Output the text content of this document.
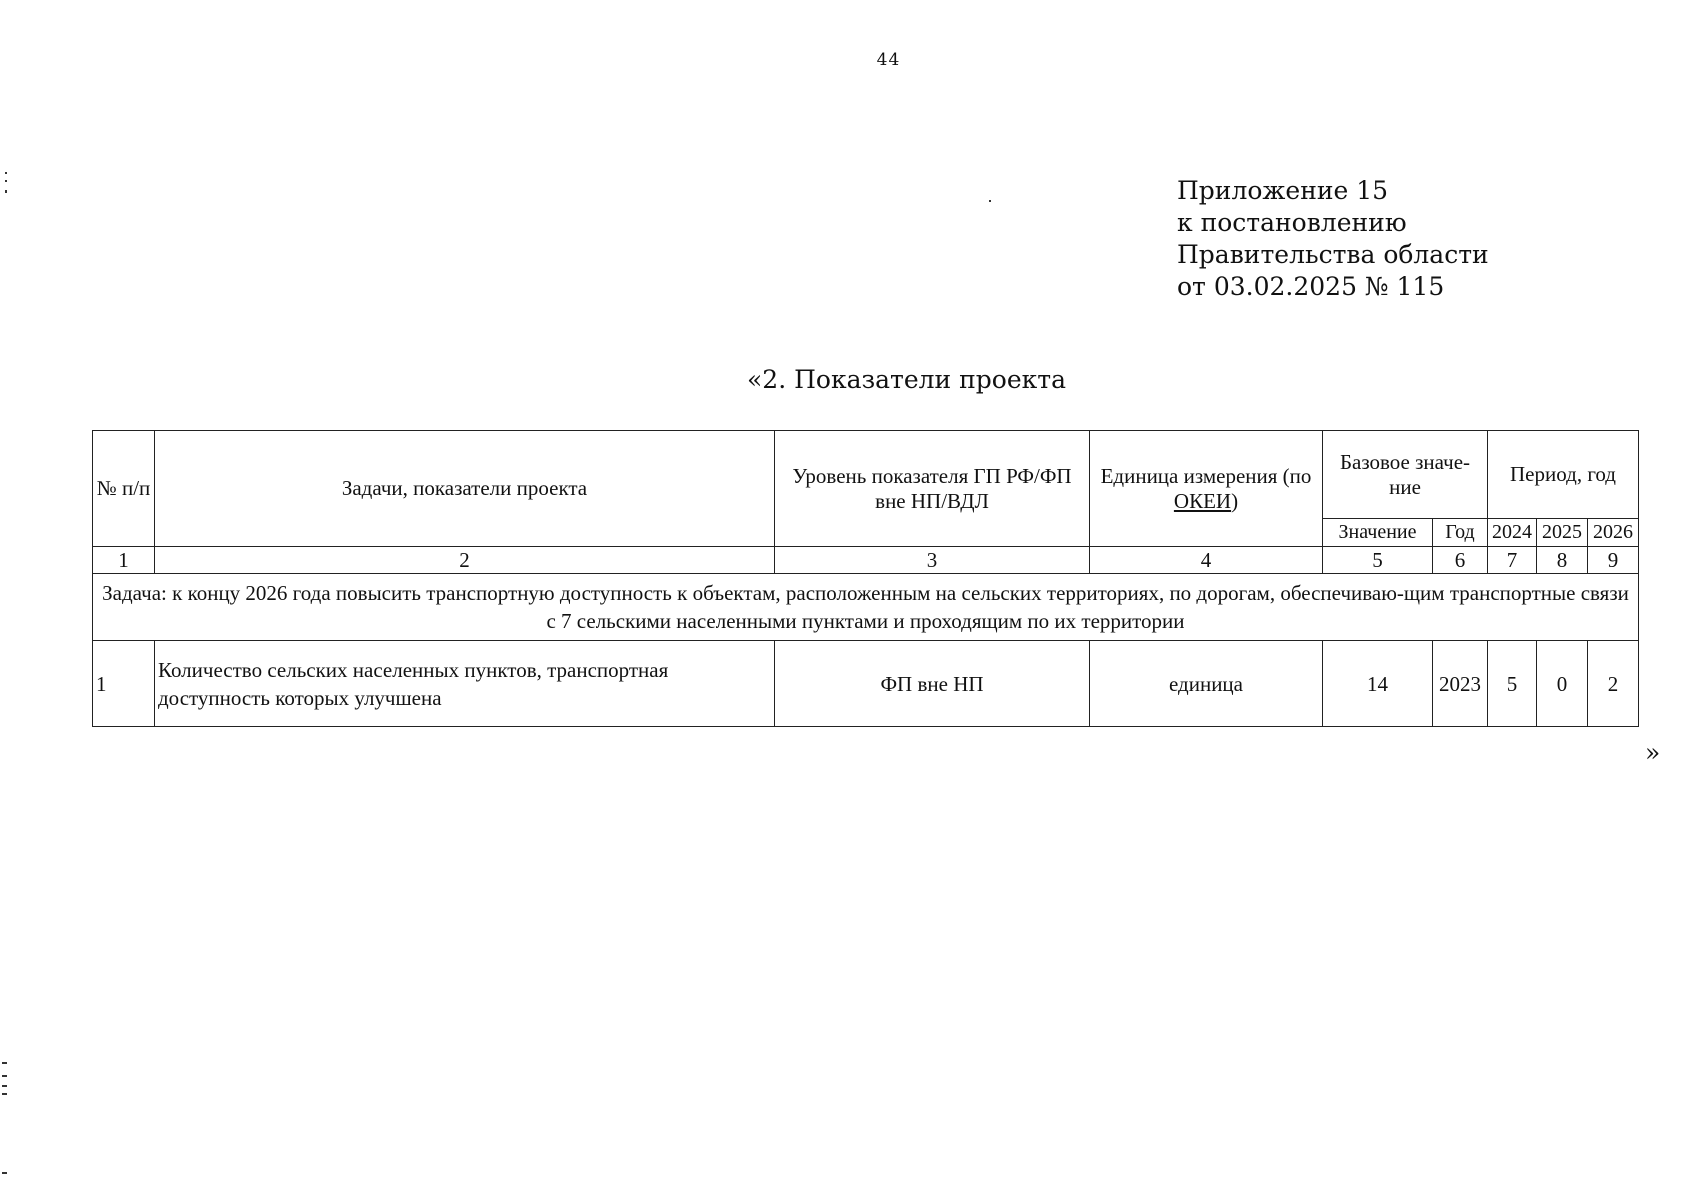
44
Приложение 15
к постановлению
Правительства области
от 03.02.2025 № 115
«2. Показатели проекта
№ п/п	Задачи, показатели проекта	Уровень показателя ГП РФ/ФП вне НП/ВДЛ	Единица измерения (по ОКЕИ)	Базовое значе-ние		Период, год		
				Значение	Год	2024	2025	2026
1	2	3	4	5	6	7	8	9
Задача: к концу 2026 года повысить транспортную доступность к объектам, расположенным на сельских территориях, по дорогам, обеспечиваю-щим транспортные связи с 7 сельскими населенными пунктами и проходящим по их территории								
1	Количество сельских населенных пунктов, транспортная доступность которых улучшена	ФП вне НП	единица	14	2023	5	0	2
»
